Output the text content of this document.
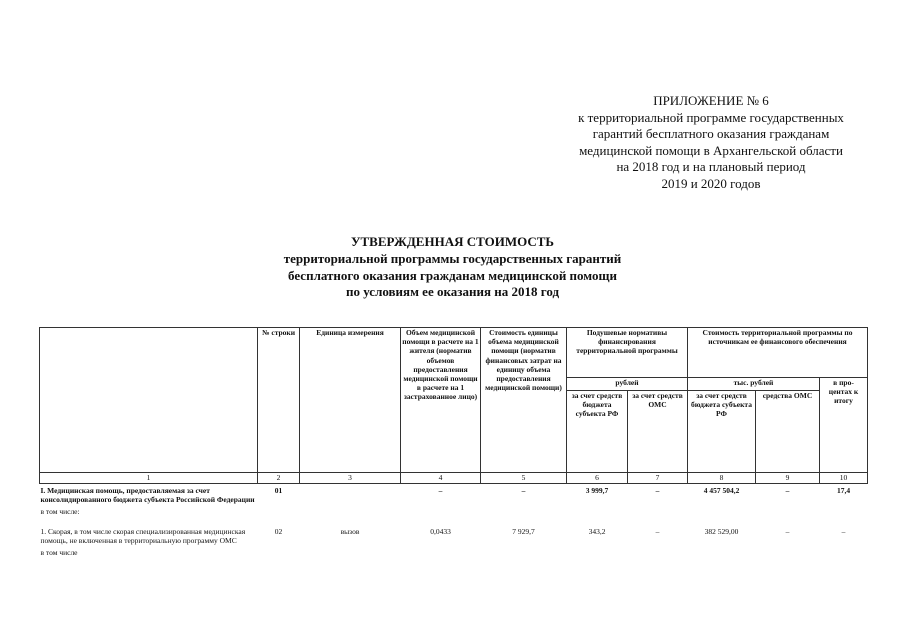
ПРИЛОЖЕНИЕ № 6
к территориальной программе государственных
гарантий бесплатного оказания гражданам
медицинской помощи в Архангельской области
на 2018 год и на плановый период
2019 и 2020 годов
УТВЕРЖДЕННАЯ СТОИМОСТЬ
территориальной программы государственных гарантий
бесплатного оказания гражданам медицинской помощи
по условиям ее оказания на 2018 год
	№ строки	Единица измерения	Объем медицинской помощи в расчете на 1 жителя (норматив объемов предоставления медицинской помощи в расчете на 1 застрахованное лицо)	Стоимость единицы объема медицинской помощи (норматив финансовых затрат на единицу объема предоставления медицинской помощи)	Подушевые нормативы финансирования территориальной программы		Стоимость территориальной программы по источникам ее финансового обеспечения		
					рублей		тыс. рублей		в про- центах к итогу
					за счет средств бюджета субъекта РФ	за счет средств ОМС	за счет средств бюджета субъекта РФ	средства ОМС	
1	2	3	4	5	6	7	8	9	10
I. Медицинская помощь, предоставляемая за счет консолидированного бюджета субъекта Российской Федерации	01		–	–	3 999,7	–	4 457 504,2	–	17,4
в том числе:									
1. Скорая, в том числе скорая специализированная медицинская помощь, не включенная в территориальную программу ОМС	02	вызов	0,0433	7 929,7	343,2	–	382 529,00	–	–
в том числе									
